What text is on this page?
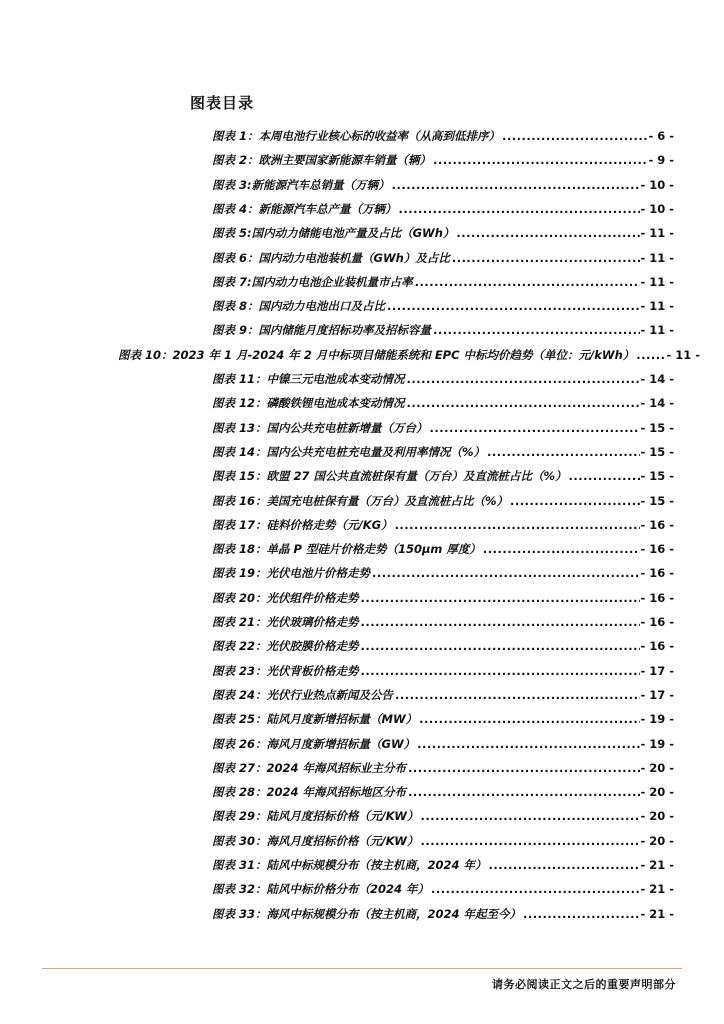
图表目录
图表 1：本周电池行业核心标的收益率（从高到低排序） .....	- 6 -
图表 2：欧洲主要国家新能源车销量（辆） .....	- 9 -
图表 3:新能源汽车总销量（万辆） .....	- 10 -
图表 4：新能源汽车总产量（万辆） .....	- 10 -
图表 5:国内动力储能电池产量及占比（GWh） .....	- 11 -
图表 6：国内动力电池装机量（GWh）及占比 .....	- 11 -
图表 7:国内动力电池企业装机量市占率 .....	- 11 -
图表 8：国内动力电池出口及占比 .....	- 11 -
图表 9：国内储能月度招标功率及招标容量 .....	- 11 -
图表 10：2023 年 1 月-2024 年 2 月中标项目储能系统和 EPC 中标均价趋势（单位：元/kWh） .....	- 11 -
图表 11：中镍三元电池成本变动情况 .....	- 14 -
图表 12：磷酸铁锂电池成本变动情况 .....	- 14 -
图表 13：国内公共充电桩新增量（万台） .....	- 15 -
图表 14：国内公共充电桩充电量及利用率情况（%） .....	- 15 -
图表 15：欧盟 27 国公共直流桩保有量（万台）及直流桩占比（%） .....	- 15 -
图表 16：美国充电桩保有量（万台）及直流桩占比（%） .....	- 15 -
图表 17：硅料价格走势（元/KG） .....	- 16 -
图表 18：单晶 P 型硅片价格走势（150μm 厚度） .....	- 16 -
图表 19：光伏电池片价格走势 .....	- 16 -
图表 20：光伏组件价格走势 .....	- 16 -
图表 21：光伏玻璃价格走势 .....	- 16 -
图表 22：光伏胶膜价格走势 .....	- 16 -
图表 23：光伏背板价格走势 .....	- 17 -
图表 24：光伏行业热点新闻及公告 .....	- 17 -
图表 25：陆风月度新增招标量（MW） .....	- 19 -
图表 26：海风月度新增招标量（GW） .....	- 19 -
图表 27：2024 年海风招标业主分布 .....	- 20 -
图表 28：2024 年海风招标地区分布 .....	- 20 -
图表 29：陆风月度招标价格（元/KW） .....	- 20 -
图表 30：海风月度招标价格（元/KW） .....	- 20 -
图表 31：陆风中标规模分布（按主机商，2024 年） .....	- 21 -
图表 32：陆风中标价格分布（2024 年） .....	- 21 -
图表 33：海风中标规模分布（按主机商，2024 年起至今） .....	- 21 -
请务必阅读正文之后的重要声明部分
